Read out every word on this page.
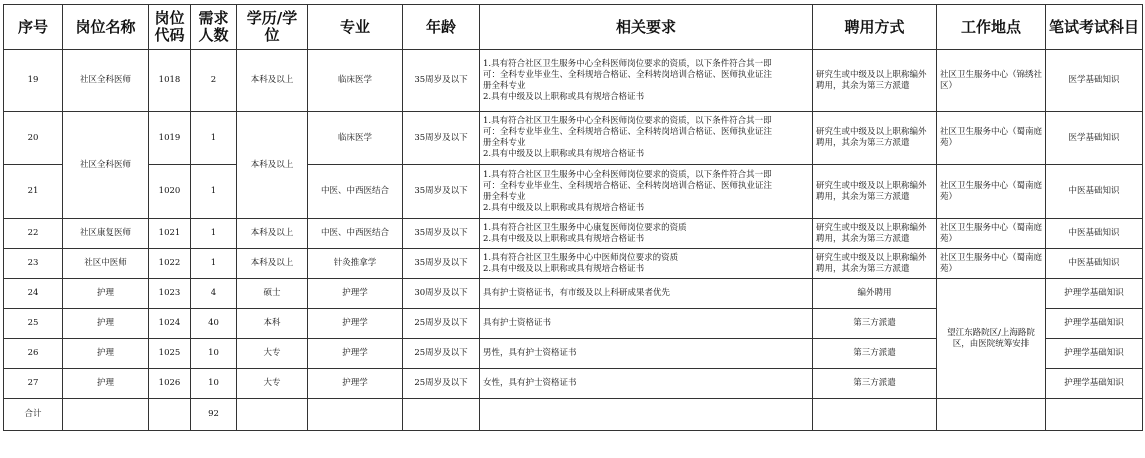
序号	岗位名称	岗位代码	需求人数	学历/学位	专业	年龄	相关要求	聘用方式	工作地点	笔试考试科目
19	社区全科医师	1018	2	本科及以上	临床医学	35周岁及以下	1.具有符合社区卫生服务中心全科医师岗位要求的资质，以下条件符合其一即
可：全科专业毕业生、全科规培合格证、全科转岗培训合格证、医师执业证注
册全科专业
2.具有中级及以上职称或具有规培合格证书	研究生或中级及以上职称编外聘用，其余为第三方派遣	社区卫生服务中心（锦绣社区）	医学基础知识
20	社区全科医师	1019	1	本科及以上	临床医学	35周岁及以下	1.具有符合社区卫生服务中心全科医师岗位要求的资质，以下条件符合其一即
可：全科专业毕业生、全科规培合格证、全科转岗培训合格证、医师执业证注
册全科专业
2.具有中级及以上职称或具有规培合格证书	研究生或中级及以上职称编外聘用，其余为第三方派遣	社区卫生服务中心（蜀南庭苑）	医学基础知识
21		1020	1		中医、中西医结合	35周岁及以下	1.具有符合社区卫生服务中心全科医师岗位要求的资质，以下条件符合其一即
可：全科专业毕业生、全科规培合格证、全科转岗培训合格证、医师执业证注
册全科专业
2.具有中级及以上职称或具有规培合格证书	研究生或中级及以上职称编外聘用，其余为第三方派遣	社区卫生服务中心（蜀南庭苑）	中医基础知识
22	社区康复医师	1021	1	本科及以上	中医、中西医结合	35周岁及以下	1.具有符合社区卫生服务中心康复医师岗位要求的资质
2.具有中级及以上职称或具有规培合格证书	研究生或中级及以上职称编外聘用，其余为第三方派遣	社区卫生服务中心（蜀南庭苑）	中医基础知识
23	社区中医师	1022	1	本科及以上	针灸推拿学	35周岁及以下	1.具有符合社区卫生服务中心中医师岗位要求的资质
2.具有中级及以上职称或具有规培合格证书	研究生或中级及以上职称编外聘用，其余为第三方派遣	社区卫生服务中心（蜀南庭苑）	中医基础知识
24	护理	1023	4	硕士	护理学	30周岁及以下	具有护士资格证书，有市级及以上科研成果者优先	编外聘用	望江东路院区/上海路院区，由医院统筹安排	护理学基础知识
25	护理	1024	40	本科	护理学	25周岁及以下	具有护士资格证书	第三方派遣		护理学基础知识
26	护理	1025	10	大专	护理学	25周岁及以下	男性，具有护士资格证书	第三方派遣		护理学基础知识
27	护理	1026	10	大专	护理学	25周岁及以下	女性，具有护士资格证书	第三方派遣		护理学基础知识
合计			92							
